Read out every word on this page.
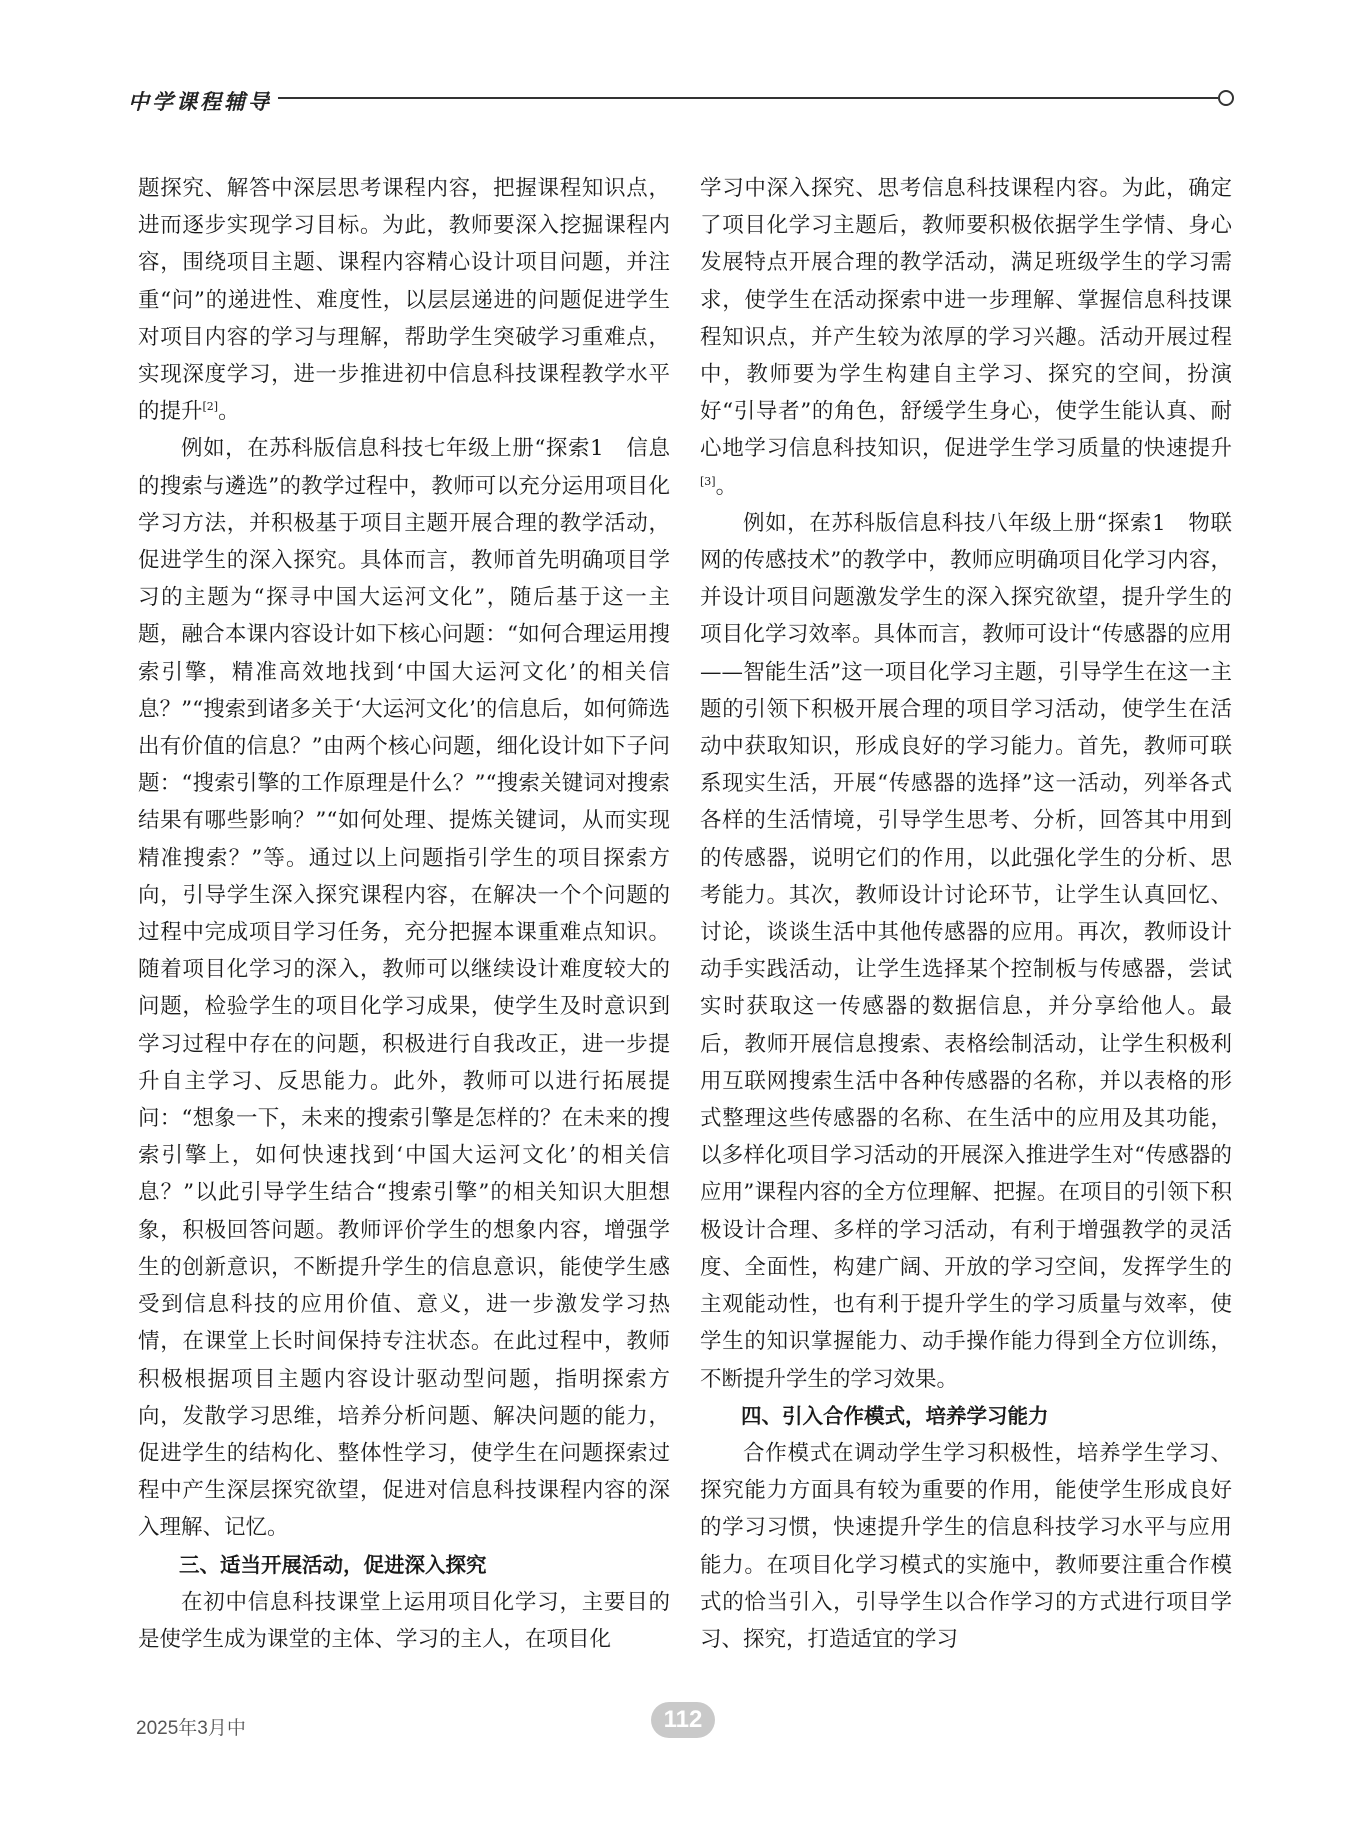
中学课程辅导

题探究、解答中深层思考课程内容，把握课程知识点，进而逐步实现学习目标。为此，教师要深入挖掘课程内容，围绕项目主题、课程内容精心设计项目问题，并注重“问”的递进性、难度性，以层层递进的问题促进学生对项目内容的学习与理解，帮助学生突破学习重难点，实现深度学习，进一步推进初中信息科技课程教学水平的提升[2]。

例如，在苏科版信息科技七年级上册“探索1　信息的搜索与遴选”的教学过程中，教师可以充分运用项目化学习方法，并积极基于项目主题开展合理的教学活动，促进学生的深入探究。具体而言，教师首先明确项目学习的主题为“探寻中国大运河文化”，随后基于这一主题，融合本课内容设计如下核心问题：“如何合理运用搜索引擎，精准高效地找到‘中国大运河文化’的相关信息？”“搜索到诸多关于‘大运河文化’的信息后，如何筛选出有价值的信息？”由两个核心问题，细化设计如下子问题：“搜索引擎的工作原理是什么？”“搜索关键词对搜索结果有哪些影响？”“如何处理、提炼关键词，从而实现精准搜索？”等。通过以上问题指引学生的项目探索方向，引导学生深入探究课程内容，在解决一个个问题的过程中完成项目学习任务，充分把握本课重难点知识。随着项目化学习的深入，教师可以继续设计难度较大的问题，检验学生的项目化学习成果，使学生及时意识到学习过程中存在的问题，积极进行自我改正，进一步提升自主学习、反思能力。此外，教师可以进行拓展提问：“想象一下，未来的搜索引擎是怎样的？在未来的搜索引擎上，如何快速找到‘中国大运河文化’的相关信息？”以此引导学生结合“搜索引擎”的相关知识大胆想象，积极回答问题。教师评价学生的想象内容，增强学生的创新意识，不断提升学生的信息意识，能使学生感受到信息科技的应用价值、意义，进一步激发学习热情，在课堂上长时间保持专注状态。在此过程中，教师积极根据项目主题内容设计驱动型问题，指明探索方向，发散学习思维，培养分析问题、解决问题的能力，促进学生的结构化、整体性学习，使学生在问题探索过程中产生深层探究欲望，促进对信息科技课程内容的深入理解、记忆。

三、适当开展活动，促进深入探究

在初中信息科技课堂上运用项目化学习，主要目的是使学生成为课堂的主体、学习的主人，在项目化

学习中深入探究、思考信息科技课程内容。为此，确定了项目化学习主题后，教师要积极依据学生学情、身心发展特点开展合理的教学活动，满足班级学生的学习需求，使学生在活动探索中进一步理解、掌握信息科技课程知识点，并产生较为浓厚的学习兴趣。活动开展过程中，教师要为学生构建自主学习、探究的空间，扮演好“引导者”的角色，舒缓学生身心，使学生能认真、耐心地学习信息科技知识，促进学生学习质量的快速提升[3]。

例如，在苏科版信息科技八年级上册“探索1　物联网的传感技术”的教学中，教师应明确项目化学习内容，并设计项目问题激发学生的深入探究欲望，提升学生的项目化学习效率。具体而言，教师可设计“传感器的应用——智能生活”这一项目化学习主题，引导学生在这一主题的引领下积极开展合理的项目学习活动，使学生在活动中获取知识，形成良好的学习能力。首先，教师可联系现实生活，开展“传感器的选择”这一活动，列举各式各样的生活情境，引导学生思考、分析，回答其中用到的传感器，说明它们的作用，以此强化学生的分析、思考能力。其次，教师设计讨论环节，让学生认真回忆、讨论，谈谈生活中其他传感器的应用。再次，教师设计动手实践活动，让学生选择某个控制板与传感器，尝试实时获取这一传感器的数据信息，并分享给他人。最后，教师开展信息搜索、表格绘制活动，让学生积极利用互联网搜索生活中各种传感器的名称，并以表格的形式整理这些传感器的名称、在生活中的应用及其功能，以多样化项目学习活动的开展深入推进学生对“传感器的应用”课程内容的全方位理解、把握。在项目的引领下积极设计合理、多样的学习活动，有利于增强教学的灵活度、全面性，构建广阔、开放的学习空间，发挥学生的主观能动性，也有利于提升学生的学习质量与效率，使学生的知识掌握能力、动手操作能力得到全方位训练，不断提升学生的学习效果。

四、引入合作模式，培养学习能力

合作模式在调动学生学习积极性，培养学生学习、探究能力方面具有较为重要的作用，能使学生形成良好的学习习惯，快速提升学生的信息科技学习水平与应用能力。在项目化学习模式的实施中，教师要注重合作模式的恰当引入，引导学生以合作学习的方式进行项目学习、探究，打造适宜的学习

2025年3月中	112
